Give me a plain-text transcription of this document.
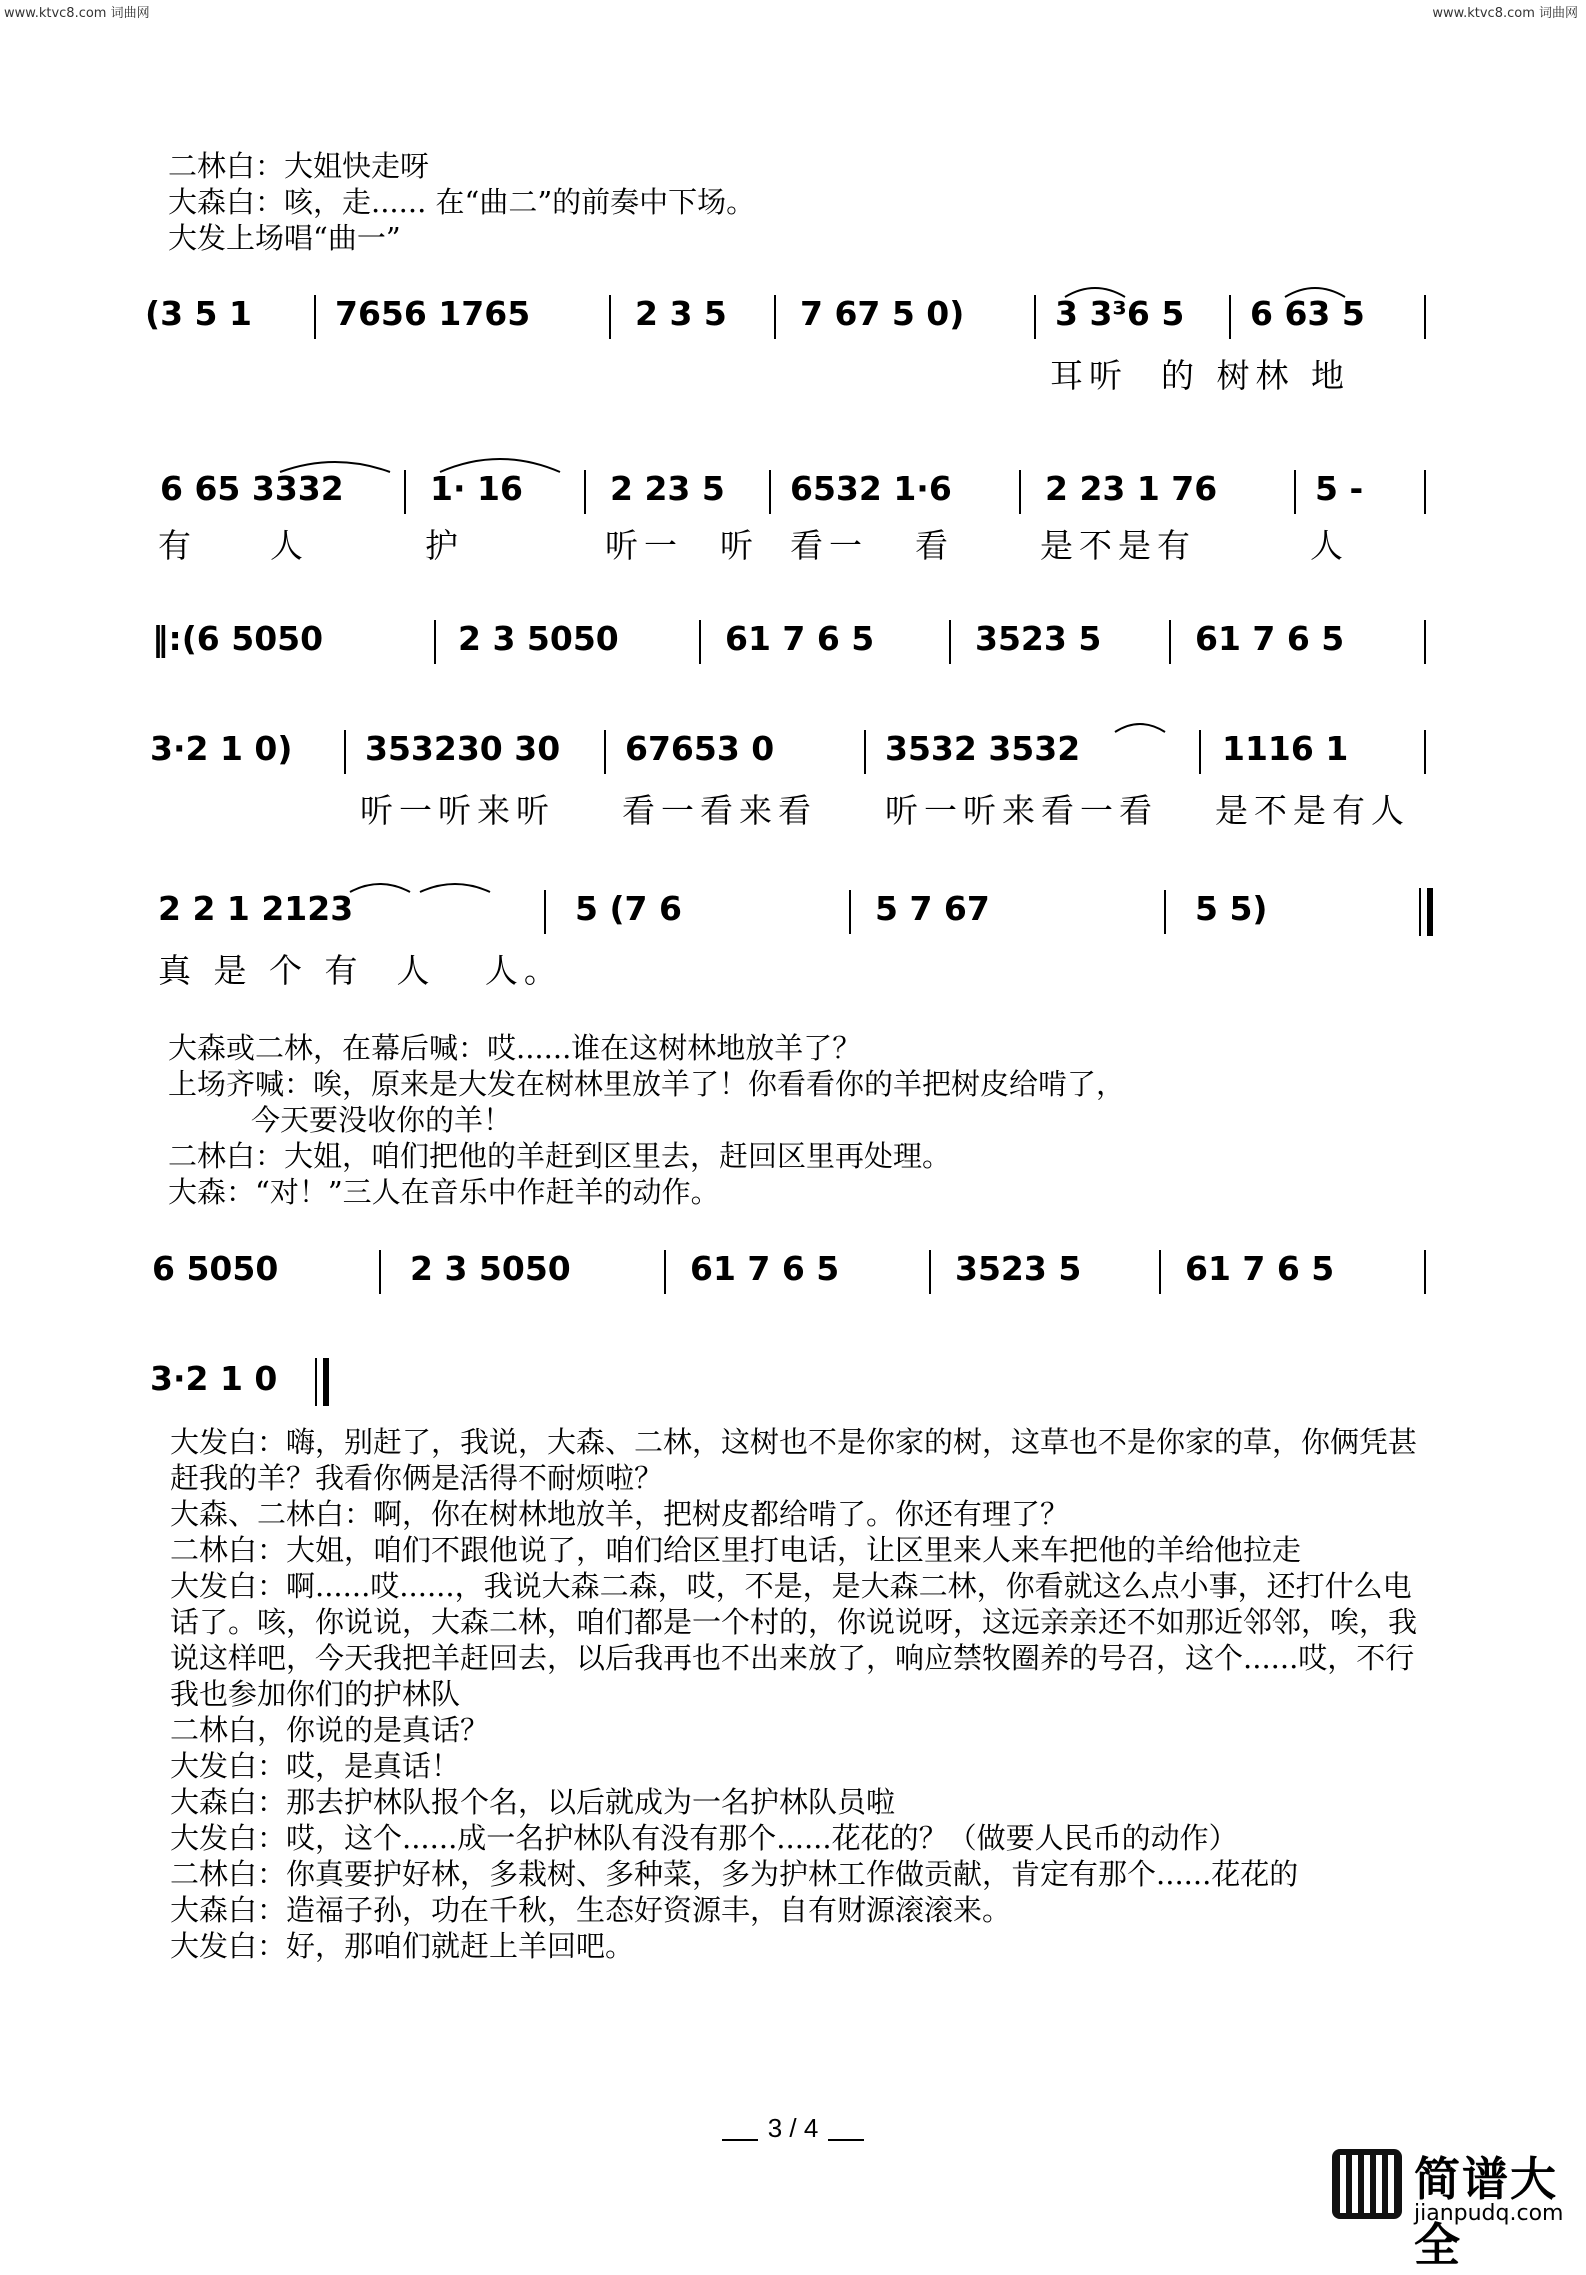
www.ktvc8.com 词曲网	www.ktvc8.com 词曲网
二林白：大姐快走呀
大森白：咳，走...... 在“曲二”的前奏中下场。
大发上场唱“曲一”
(3 5 1	7656 1765	2 3 5 7 67 5 0)	3 3³6 5 6 63 5
耳听  的 树林 地
6 65 3332	1· 16	2 23 5 6532 1·6	2 23 1 76	5 -
有 人	护	听一 听 看一 看	是不是有	人
‖:(6 5050	2 3 5050	61 7 6 5	3523 5	61 7 6 5
3·2 1 0) 353230 30 67653 0	3532 3532	1116 1
听一听来听 看一看来看 听一听来看一看 是不是有人
2 2 1 2123	5 (7 6	5 7 67	5 5)
真 是 个 有  人   人。
大森或二林，在幕后喊：哎......谁在这树林地放羊了？
上场齐喊：唉，原来是大发在树林里放羊了！你看看你的羊把树皮给啃了，
今天要没收你的羊！
二林白：大姐，咱们把他的羊赶到区里去，赶回区里再处理。
大森：“对！”三人在音乐中作赶羊的动作。
6 5050	2 3 5050	61 7 6 5	3523 5	61 7 6 5
3·2 1 0
大发白：嗨，别赶了，我说，大森、二林，这树也不是你家的树，这草也不是你家的草，你俩凭甚赶我的羊？我看你俩是活得不耐烦啦？
大森、二林白：啊，你在树林地放羊，把树皮都给啃了。你还有理了？
二林白：大姐，咱们不跟他说了，咱们给区里打电话，让区里来人来车把他的羊给他拉走
大发白：啊......哎......，我说大森二森，哎，不是，是大森二林，你看就这么点小事，还打什么电话了。咳，你说说，大森二林，咱们都是一个村的，你说说呀，这远亲亲还不如那近邻邻，唉，我说这样吧，今天我把羊赶回去，以后我再也不出来放了，响应禁牧圈养的号召，这个......哎，不行我也参加你们的护林队
二林白，你说的是真话？
大发白：哎，是真话！
大森白：那去护林队报个名，以后就成为一名护林队员啦
大发白：哎，这个......成一名护林队有没有那个......花花的？（做要人民币的动作）
二林白：你真要护好林，多栽树、多种菜，多为护林工作做贡献，肯定有那个......花花的
大森白：造福子孙，功在千秋，生态好资源丰，自有财源滚滚来。
大发白：好，那咱们就赶上羊回吧。
3 / 4
简谱大全
jianpudq.com
